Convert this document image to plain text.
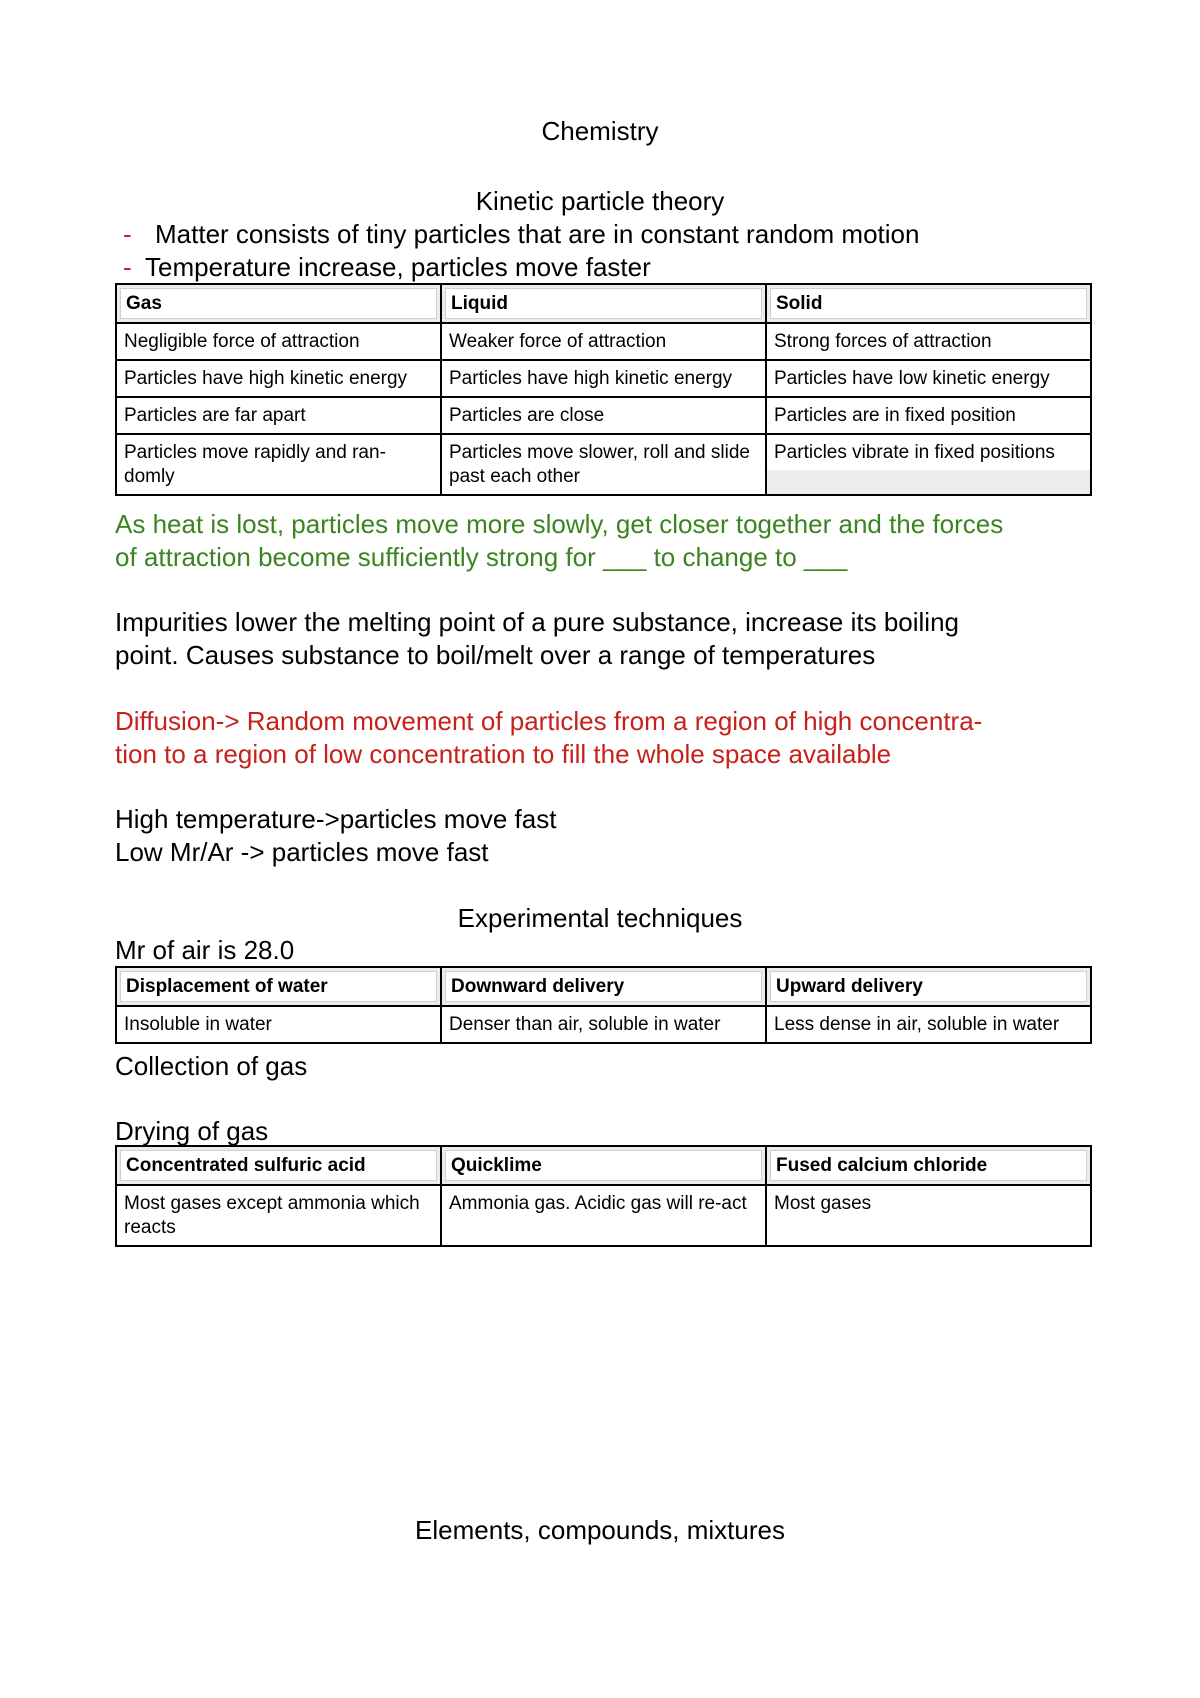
Chemistry
Kinetic particle theory
- Matter consists of tiny particles that are in constant random motion
- Temperature increase, particles move faster
Gas	Liquid	Solid

Negligible force of attraction	Weaker force of attraction	Strong forces of attraction

Particles have high kinetic energy	Particles have high kinetic energy	Particles have low kinetic energy

Particles are far apart	Particles are close	Particles are in fixed position

Particles move rapidly and ran-domly	Particles move slower, roll and slide past each other	Particles vibrate in fixed positions
As heat is lost, particles move more slowly, get closer together and the forces
of attraction become sufficiently strong for ___ to change to ___
Impurities lower the melting point of a pure substance, increase its boiling
point. Causes substance to boil/melt over a range of temperatures
Diffusion-> Random movement of particles from a region of high concentra-
tion to a region of low concentration to fill the whole space available
High temperature->particles move fast
Low Mr/Ar -> particles move fast
Experimental techniques
Mr of air is 28.0
Displacement of water	Downward delivery	Upward delivery

Insoluble in water	Denser than air, soluble in water	Less dense in air, soluble in water
Collection of gas
Drying of gas
Concentrated sulfuric acid	Quicklime	Fused calcium chloride

Most gases except ammonia which reacts	Ammonia gas. Acidic gas will re-act	Most gases
Elements, compounds, mixtures
